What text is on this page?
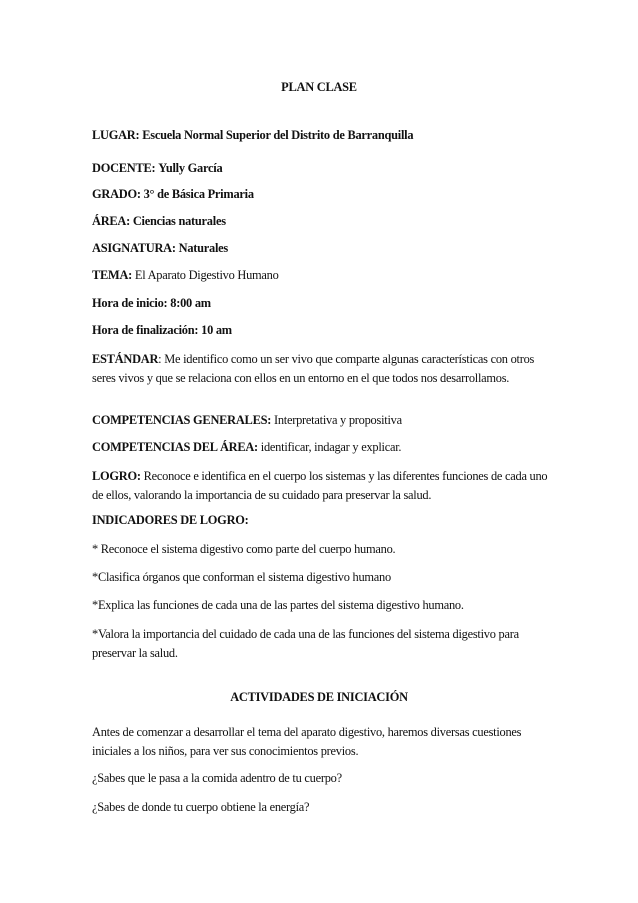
PLAN CLASE
LUGAR: Escuela Normal Superior del Distrito de Barranquilla
DOCENTE: Yully García
GRADO: 3° de Básica Primaria
ÁREA: Ciencias naturales
ASIGNATURA: Naturales
TEMA: El Aparato Digestivo Humano
Hora de inicio: 8:00 am
Hora de finalización: 10 am
ESTÁNDAR: Me identifico como un ser vivo que comparte algunas características con otros seres vivos y que se relaciona con ellos en un entorno en el que todos nos desarrollamos.
COMPETENCIAS GENERALES: Interpretativa y propositiva
COMPETENCIAS DEL ÁREA: identificar, indagar y explicar.
LOGRO: Reconoce e identifica en el cuerpo los sistemas y las diferentes funciones de cada uno de ellos, valorando la importancia de su cuidado para preservar la salud.
INDICADORES DE LOGRO:
* Reconoce el sistema digestivo como parte del cuerpo humano.
*Clasifica órganos que conforman el sistema digestivo humano
*Explica las funciones de cada una de las partes del sistema digestivo humano.
*Valora la importancia del cuidado de cada una de las funciones del sistema digestivo para preservar la salud.
ACTIVIDADES DE INICIACIÓN
Antes de comenzar a desarrollar el tema del aparato digestivo, haremos diversas cuestiones iniciales a los niños, para ver sus conocimientos previos.
¿Sabes que le pasa a la comida adentro de tu cuerpo?
¿Sabes de donde tu cuerpo obtiene la energía?
